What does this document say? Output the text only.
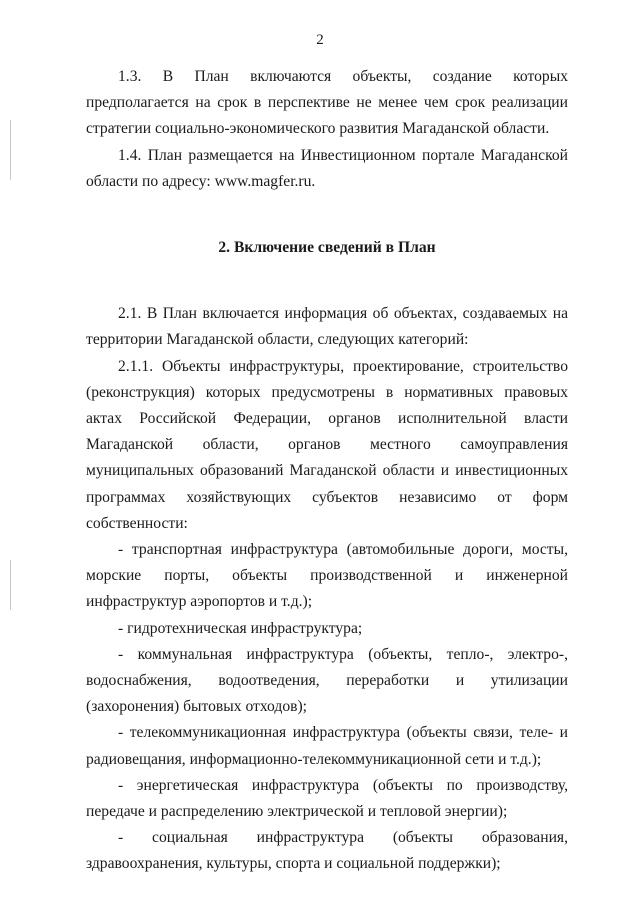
2

1.3. В План включаются объекты, создание которых предполагается на срок в перспективе не менее чем срок реализации стратегии социально-экономического развития Магаданской области.

1.4. План размещается на Инвестиционном портале Магаданской области по адресу: www.magfer.ru.

2. Включение сведений в План

2.1. В План включается информация об объектах, создаваемых на территории Магаданской области, следующих категорий:

2.1.1. Объекты инфраструктуры, проектирование, строительство (реконструкция) которых предусмотрены в нормативных правовых актах Российской Федерации, органов исполнительной власти Магаданской области, органов местного самоуправления муниципальных образований Магаданской области и инвестиционных программах хозяйствующих субъектов независимо от форм собственности:

- транспортная инфраструктура (автомобильные дороги, мосты, морские порты, объекты производственной и инженерной инфраструктур аэропортов и т.д.);

- гидротехническая инфраструктура;

- коммунальная инфраструктура (объекты, тепло-, электро-, водоснабжения, водоотведения, переработки и утилизации (захоронения) бытовых отходов);

- телекоммуникационная инфраструктура (объекты связи, теле- и радиовещания, информационно-телекоммуникационной сети и т.д.);

- энергетическая инфраструктура (объекты по производству, передаче и распределению электрической и тепловой энергии);

- социальная инфраструктура (объекты образования, здравоохранения, культуры, спорта и социальной поддержки);
